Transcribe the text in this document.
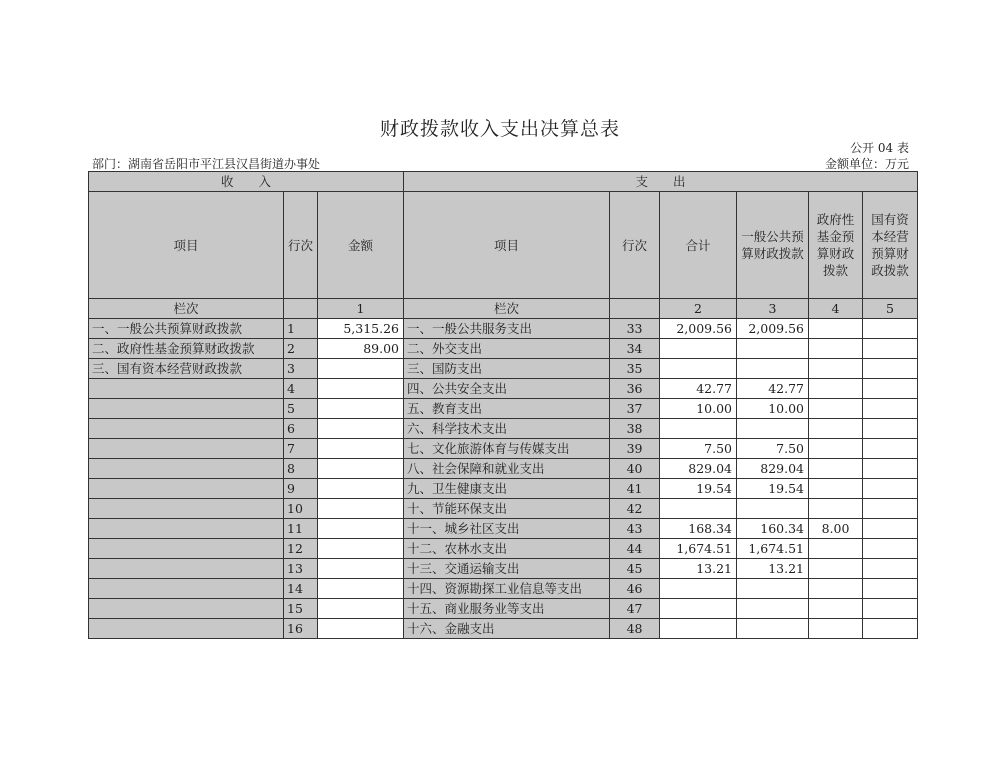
财政拨款收入支出决算总表
公开 04 表
部门：湖南省岳阳市平江县汉昌街道办事处	金额单位：万元
收　　入			支　　出					
项目	行次	金额	项目	行次	合计	一般公共预算财政拨款	政府性基金预算财政拨款	国有资本经营预算财政拨款
栏次		1	栏次		2	3	4	5
一、一般公共预算财政拨款	1	5,315.26	一、一般公共服务支出	33	2,009.56	2,009.56		
二、政府性基金预算财政拨款	2	89.00	二、外交支出	34				
三、国有资本经营财政拨款	3		三、国防支出	35				
	4		四、公共安全支出	36	42.77	42.77		
	5		五、教育支出	37	10.00	10.00		
	6		六、科学技术支出	38				
	7		七、文化旅游体育与传媒支出	39	7.50	7.50		
	8		八、社会保障和就业支出	40	829.04	829.04		
	9		九、卫生健康支出	41	19.54	19.54		
	10		十、节能环保支出	42				
	11		十一、城乡社区支出	43	168.34	160.34	8.00	
	12		十二、农林水支出	44	1,674.51	1,674.51		
	13		十三、交通运输支出	45	13.21	13.21		
	14		十四、资源勘探工业信息等支出	46				
	15		十五、商业服务业等支出	47				
	16		十六、金融支出	48				
